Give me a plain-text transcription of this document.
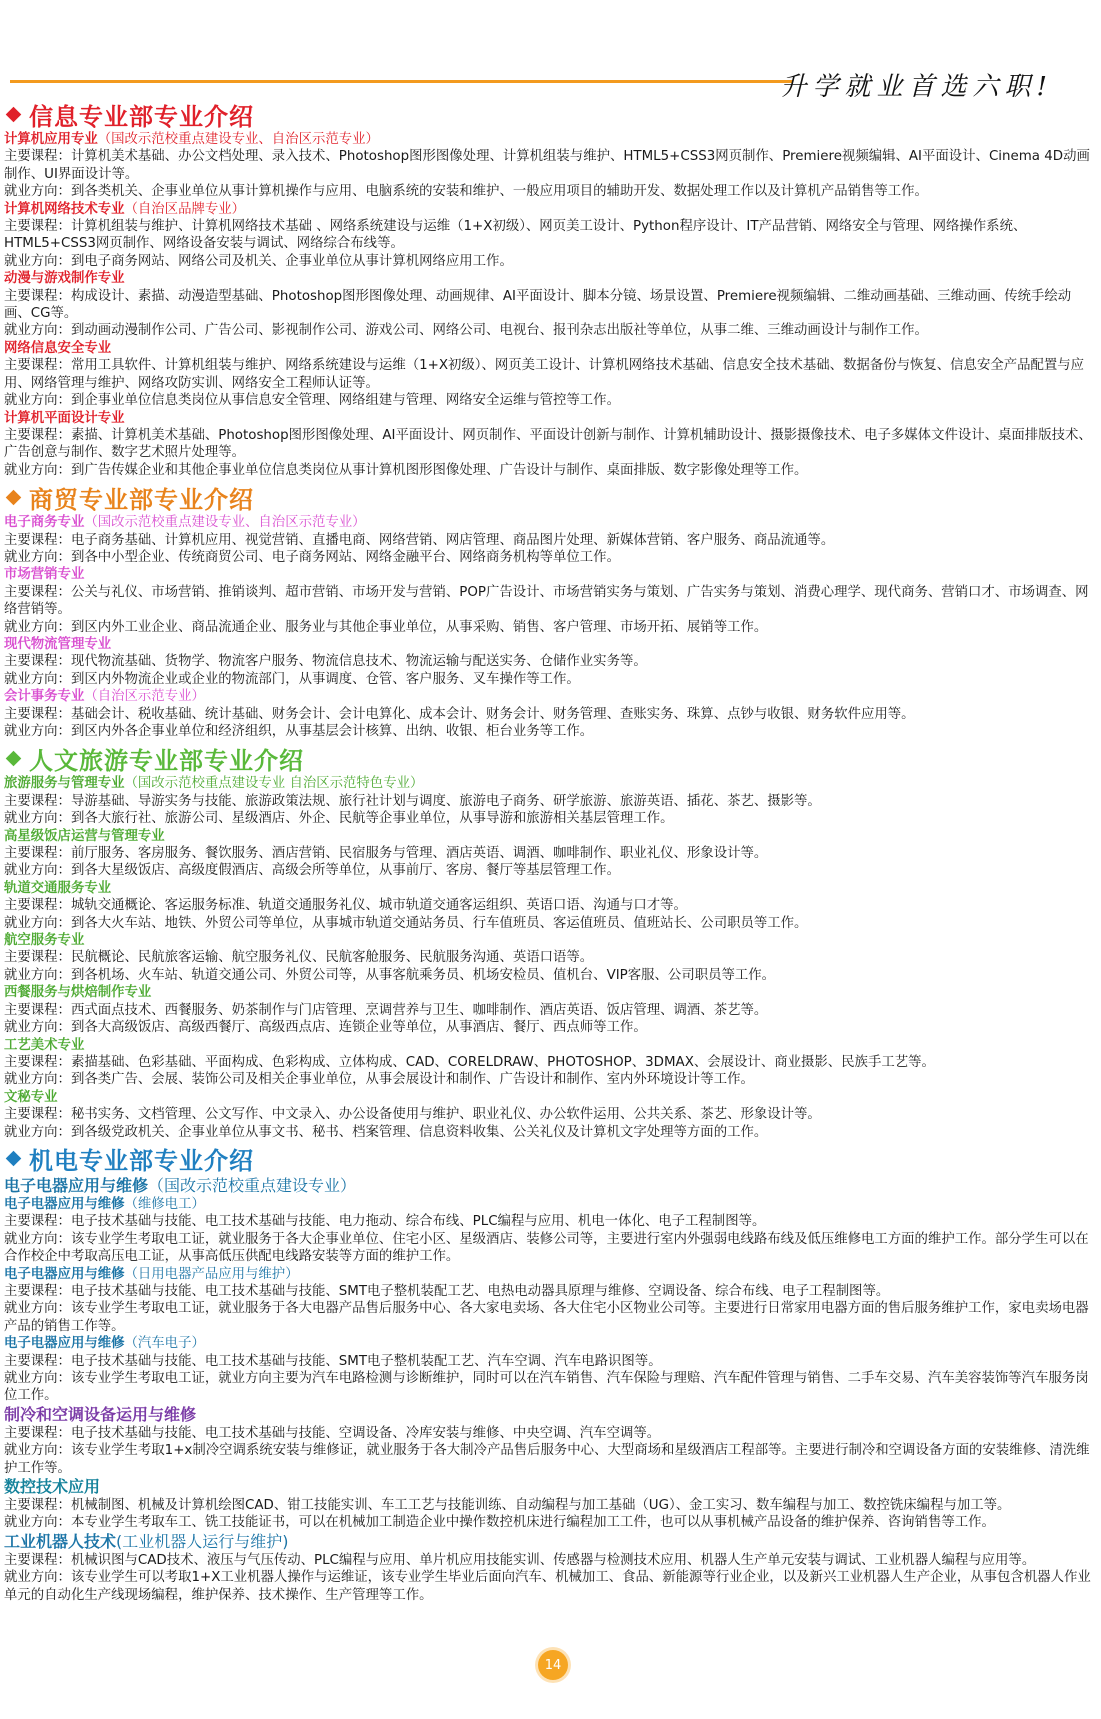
升学就业首选六职!
信息专业部专业介绍
计算机应用专业（国改示范校重点建设专业、自治区示范专业）
主要课程：计算机美术基础、办公文档处理、录入技术、Photoshop图形图像处理、计算机组装与维护、HTML5+CSS3网页制作、Premiere视频编辑、AI平面设计、Cinema 4D动画制作、UI界面设计等。
就业方向：到各类机关、企事业单位从事计算机操作与应用、电脑系统的安装和维护、一般应用项目的辅助开发、数据处理工作以及计算机产品销售等工作。
计算机网络技术专业（自治区品牌专业）
主要课程：计算机组装与维护、计算机网络技术基础 、网络系统建设与运维（1+X初级）、网页美工设计、Python程序设计、IT产品营销、网络安全与管理、网络操作系统、HTML5+CSS3网页制作、网络设备安装与调试、网络综合布线等。
就业方向：到电子商务网站、网络公司及机关、企事业单位从事计算机网络应用工作。
动漫与游戏制作专业
主要课程：构成设计、素描、动漫造型基础、Photoshop图形图像处理、动画规律、AI平面设计、脚本分镜、场景设置、Premiere视频编辑、二维动画基础、三维动画、传统手绘动画、CG等。
就业方向：到动画动漫制作公司、广告公司、影视制作公司、游戏公司、网络公司、电视台、报刊杂志出版社等单位，从事二维、三维动画设计与制作工作。
网络信息安全专业
主要课程：常用工具软件、计算机组装与维护、网络系统建设与运维（1+X初级）、网页美工设计、计算机网络技术基础、信息安全技术基础、数据备份与恢复、信息安全产品配置与应用、网络管理与维护、网络攻防实训、网络安全工程师认证等。
就业方向：到企事业单位信息类岗位从事信息安全管理、网络组建与管理、网络安全运维与管控等工作。
计算机平面设计专业
主要课程：素描、计算机美术基础、Photoshop图形图像处理、AI平面设计、网页制作、平面设计创新与制作、计算机辅助设计、摄影摄像技术、电子多媒体文件设计、桌面排版技术、广告创意与制作、数字艺术照片处理等。
就业方向：到广告传媒企业和其他企事业单位信息类岗位从事计算机图形图像处理、广告设计与制作、桌面排版、数字影像处理等工作。
商贸专业部专业介绍
电子商务专业（国改示范校重点建设专业、自治区示范专业）
主要课程：电子商务基础、计算机应用、视觉营销、直播电商、网络营销、网店管理、商品图片处理、新媒体营销、客户服务、商品流通等。
就业方向：到各中小型企业、传统商贸公司、电子商务网站、网络金融平台、网络商务机构等单位工作。
市场营销专业
主要课程：公关与礼仪、市场营销、推销谈判、超市营销、市场开发与营销、POP广告设计、市场营销实务与策划、广告实务与策划、消费心理学、现代商务、营销口才、市场调查、网络营销等。
就业方向：到区内外工业企业、商品流通企业、服务业与其他企事业单位，从事采购、销售、客户管理、市场开拓、展销等工作。
现代物流管理专业
主要课程：现代物流基础、货物学、物流客户服务、物流信息技术、物流运输与配送实务、仓储作业实务等。
就业方向：到区内外物流企业或企业的物流部门，从事调度、仓管、客户服务、叉车操作等工作。
会计事务专业（自治区示范专业）
主要课程：基础会计、税收基础、统计基础、财务会计、会计电算化、成本会计、财务会计、财务管理、查账实务、珠算、点钞与收银、财务软件应用等。
就业方向：到区内外各企事业单位和经济组织，从事基层会计核算、出纳、收银、柜台业务等工作。
人文旅游专业部专业介绍
旅游服务与管理专业（国改示范校重点建设专业 自治区示范特色专业）
主要课程：导游基础、导游实务与技能、旅游政策法规、旅行社计划与调度、旅游电子商务、研学旅游、旅游英语、插花、茶艺、摄影等。
就业方向：到各大旅行社、旅游公司、星级酒店、外企、民航等企事业单位，从事导游和旅游相关基层管理工作。
高星级饭店运营与管理专业
主要课程：前厅服务、客房服务、餐饮服务、酒店营销、民宿服务与管理、酒店英语、调酒、咖啡制作、职业礼仪、形象设计等。
就业方向：到各大星级饭店、高级度假酒店、高级会所等单位，从事前厅、客房、餐厅等基层管理工作。
轨道交通服务专业
主要课程：城轨交通概论、客运服务标准、轨道交通服务礼仪、城市轨道交通客运组织、英语口语、沟通与口才等。
就业方向：到各大火车站、地铁、外贸公司等单位，从事城市轨道交通站务员、行车值班员、客运值班员、值班站长、公司职员等工作。
航空服务专业
主要课程：民航概论、民航旅客运输、航空服务礼仪、民航客舱服务、民航服务沟通、英语口语等。
就业方向：到各机场、火车站、轨道交通公司、外贸公司等，从事客航乘务员、机场安检员、值机台、VIP客服、公司职员等工作。
西餐服务与烘焙制作专业
主要课程：西式面点技术、西餐服务、奶茶制作与门店管理、烹调营养与卫生、咖啡制作、酒店英语、饭店管理、调酒、茶艺等。
就业方向：到各大高级饭店、高级西餐厅、高级西点店、连锁企业等单位，从事酒店、餐厅、西点师等工作。
工艺美术专业
主要课程：素描基础、色彩基础、平面构成、色彩构成、立体构成、CAD、CORELDRAW、PHOTOSHOP、3DMAX、会展设计、商业摄影、民族手工艺等。
就业方向：到各类广告、会展、装饰公司及相关企事业单位，从事会展设计和制作、广告设计和制作、室内外环境设计等工作。
文秘专业
主要课程：秘书实务、文档管理、公文写作、中文录入、办公设备使用与维护、职业礼仪、办公软件运用、公共关系、茶艺、形象设计等。
就业方向：到各级党政机关、企事业单位从事文书、秘书、档案管理、信息资料收集、公关礼仪及计算机文字处理等方面的工作。
机电专业部专业介绍
电子电器应用与维修（国改示范校重点建设专业）
电子电器应用与维修（维修电工）
主要课程：电子技术基础与技能、电工技术基础与技能、电力拖动、综合布线、PLC编程与应用、机电一体化、电子工程制图等。
就业方向：该专业学生考取电工证，就业服务于各大企事业单位、住宅小区、星级酒店、装修公司等，主要进行室内外强弱电线路布线及低压维修电工方面的维护工作。部分学生可以在合作校企中考取高压电工证，从事高低压供配电线路安装等方面的维护工作。
电子电器应用与维修（日用电器产品应用与维护）
主要课程：电子技术基础与技能、电工技术基础与技能、SMT电子整机装配工艺、电热电动器具原理与维修、空调设备、综合布线、电子工程制图等。
就业方向：该专业学生考取电工证，就业服务于各大电器产品售后服务中心、各大家电卖场、各大住宅小区物业公司等。主要进行日常家用电器方面的售后服务维护工作，家电卖场电器产品的销售工作等。
电子电器应用与维修（汽车电子）
主要课程：电子技术基础与技能、电工技术基础与技能、SMT电子整机装配工艺、汽车空调、汽车电路识图等。
就业方向：该专业学生考取电工证，就业方向主要为汽车电路检测与诊断维护，同时可以在汽车销售、汽车保险与理赔、汽车配件管理与销售、二手车交易、汽车美容装饰等汽车服务岗位工作。
制冷和空调设备运用与维修
主要课程：电子技术基础与技能、电工技术基础与技能、空调设备、冷库安装与维修、中央空调、汽车空调等。
就业方向：该专业学生考取1+x制冷空调系统安装与维修证，就业服务于各大制冷产品售后服务中心、大型商场和星级酒店工程部等。主要进行制冷和空调设备方面的安装维修、清洗维护工作等。
数控技术应用
主要课程：机械制图、机械及计算机绘图CAD、钳工技能实训、车工工艺与技能训练、自动编程与加工基础（UG）、金工实习、数车编程与加工、数控铣床编程与加工等。
就业方向：本专业学生考取车工、铣工技能证书，可以在机械加工制造企业中操作数控机床进行编程加工工件，也可以从事机械产品设备的维护保养、咨询销售等工作。
工业机器人技术(工业机器人运行与维护)
主要课程：机械识图与CAD技术、液压与气压传动、PLC编程与应用、单片机应用技能实训、传感器与检测技术应用、机器人生产单元安装与调试、工业机器人编程与应用等。
就业方向：该专业学生可以考取1+X工业机器人操作与运维证，该专业学生毕业后面向汽车、机械加工、食品、新能源等行业企业，以及新兴工业机器人生产企业，从事包含机器人作业单元的自动化生产线现场编程，维护保养、技术操作、生产管理等工作。
14
